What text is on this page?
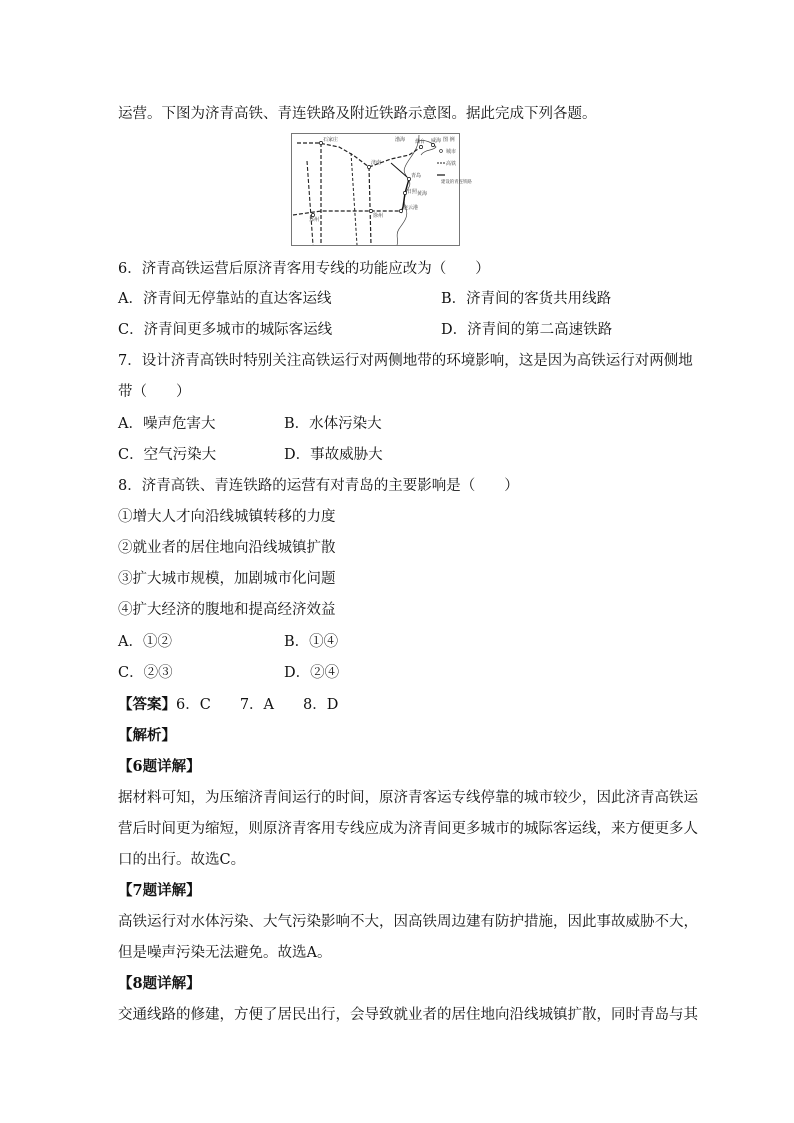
运营。下图为济青高铁、青连铁路及附近铁路示意图。据此完成下列各题。
石家庄
济南
烟台 威海
青岛
日照
连云港
徐州
郑州
渤海
黄海
图 例
城市
高铁
建设的青连铁路
6．济青高铁运营后原济青客用专线的功能应改为（　　）
A．济青间无停靠站的直达客运线	B．济青间的客货共用线路
C．济青间更多城市的城际客运线	D．济青间的第二高速铁路
7．设计济青高铁时特别关注高铁运行对两侧地带的环境影响，这是因为高铁运行对两侧地
带（　　）
A．噪声危害大	B．水体污染大
C．空气污染大	D．事故威胁大
8．济青高铁、青连铁路的运营有对青岛的主要影响是（　　）
①增大人才向沿线城镇转移的力度
②就业者的居住地向沿线城镇扩散
③扩大城市规模，加剧城市化问题
④扩大经济的腹地和提高经济效益
A．①②	B．①④
C．②③	D．②④
【答案】6．C　　7．A　　8．D
【解析】
【6题详解】
据材料可知，为压缩济青间运行的时间，原济青客运专线停靠的城市较少，因此济青高铁运
营后时间更为缩短，则原济青客用专线应成为济青间更多城市的城际客运线，来方便更多人
口的出行。故选C。
【7题详解】
高铁运行对水体污染、大气污染影响不大，因高铁周边建有防护措施，因此事故威胁不大，
但是噪声污染无法避免。故选A。
【8题详解】
交通线路的修建，方便了居民出行，会导致就业者的居住地向沿线城镇扩散，同时青岛与其
